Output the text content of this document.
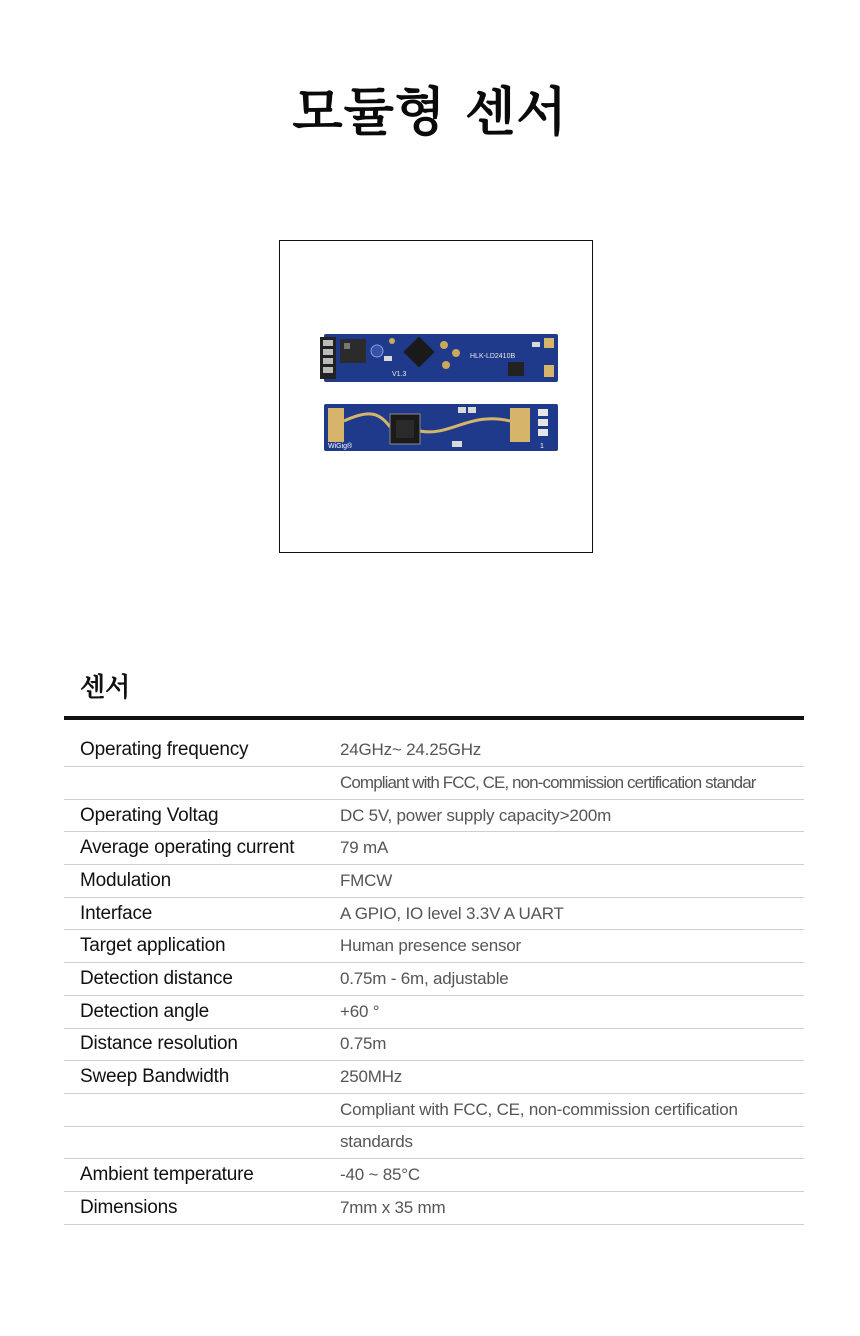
모듈형 센서
HLK-LD2410B
V1.3
WiGig®	1
센서
Operating frequency	24GHz~ 24.25GHz
Compliant with FCC, CE, non-commission certification standar
Operating Voltag	DC 5V, power supply capacity>200m
Average operating current	79 mA
Modulation	FMCW
Interface	A GPIO, IO level 3.3V A UART
Target application	Human presence sensor
Detection distance	0.75m - 6m, adjustable
Detection angle	+60 °
Distance resolution	0.75m
Sweep Bandwidth	250MHz
Compliant with FCC, CE, non-commission certification
standards
Ambient temperature	-40 ~ 85°C
Dimensions	7mm x 35 mm
